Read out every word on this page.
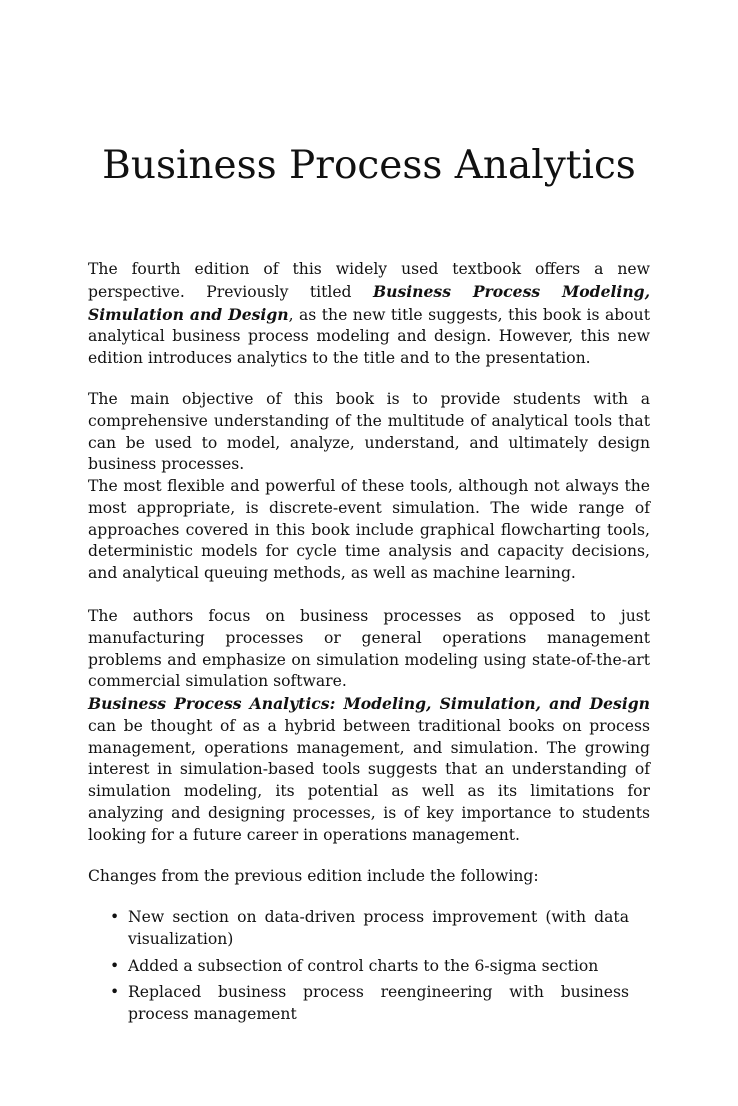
Business Process Analytics

The fourth edition of this widely used textbook offers a new perspective. Previously titled Business Process Modeling, Simulation and Design, as the new title suggests, this book is about analytical business process modeling and design. However, this new edition introduces analytics to the title and to the presentation.

The main objective of this book is to provide students with a comprehensive understanding of the multitude of analytical tools that can be used to model, analyze, understand, and ultimately design business processes.

The most flexible and powerful of these tools, although not always the most appropriate, is discrete-event simulation. The wide range of approaches covered in this book include graphical flowcharting tools, deterministic models for cycle time analysis and capacity decisions, and analytical queuing methods, as well as machine learning.

The authors focus on business processes as opposed to just manufacturing processes or general operations management problems and emphasize on simulation modeling using state-of-the-art commercial simulation software.

Business Process Analytics: Modeling, Simulation, and Design can be thought of as a hybrid between traditional books on process management, operations management, and simulation. The growing interest in simulation-based tools suggests that an understanding of simulation modeling, its potential as well as its limitations for analyzing and designing processes, is of key importance to students looking for a future career in operations management.

Changes from the previous edition include the following:

• New section on data-driven process improvement (with data visualization)
• Added a subsection of control charts to the 6-sigma section
• Replaced business process reengineering with business process management
